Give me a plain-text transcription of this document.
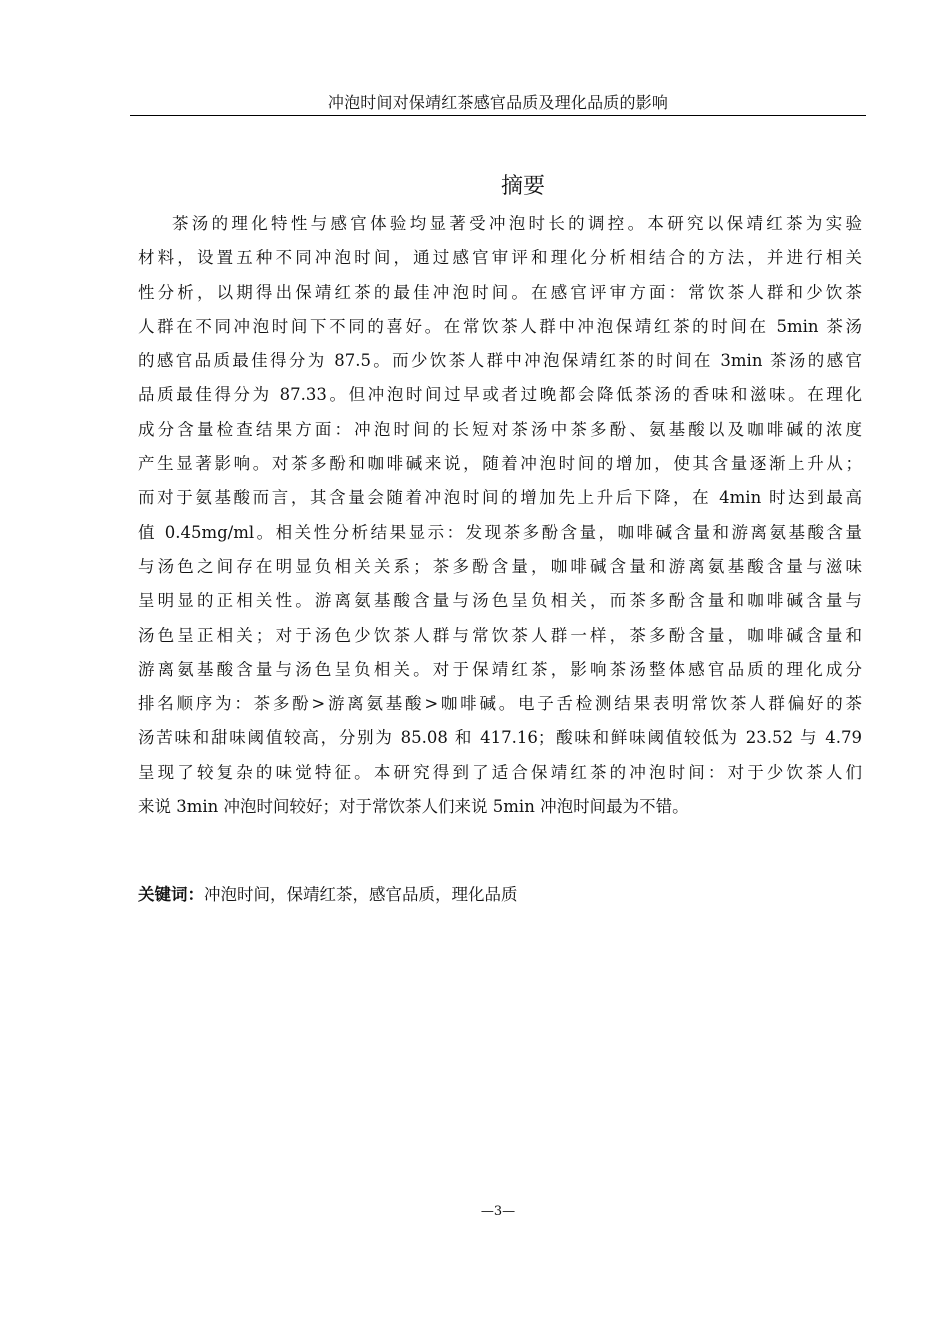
冲泡时间对保靖红茶感官品质及理化品质的影响
摘要
茶汤的理化特性与感官体验均显著受冲泡时长的调控。本研究以保靖红茶为实验
材料，设置五种不同冲泡时间，通过感官审评和理化分析相结合的方法，并进行相关
性分析，以期得出保靖红茶的最佳冲泡时间。在感官评审方面：常饮茶人群和少饮茶
人群在不同冲泡时间下不同的喜好。在常饮茶人群中冲泡保靖红茶的时间在 5min 茶汤
的感官品质最佳得分为 87.5。而少饮茶人群中冲泡保靖红茶的时间在 3min 茶汤的感官
品质最佳得分为 87.33。但冲泡时间过早或者过晚都会降低茶汤的香味和滋味。在理化
成分含量检查结果方面：冲泡时间的长短对茶汤中茶多酚、氨基酸以及咖啡碱的浓度
产生显著影响。对茶多酚和咖啡碱来说，随着冲泡时间的增加，使其含量逐渐上升从；
而对于氨基酸而言，其含量会随着冲泡时间的增加先上升后下降，在 4min 时达到最高
值 0.45mg/ml。相关性分析结果显示：发现茶多酚含量，咖啡碱含量和游离氨基酸含量
与汤色之间存在明显负相关关系；茶多酚含量，咖啡碱含量和游离氨基酸含量与滋味
呈明显的正相关性。游离氨基酸含量与汤色呈负相关，而茶多酚含量和咖啡碱含量与
汤色呈正相关；对于汤色少饮茶人群与常饮茶人群一样，茶多酚含量，咖啡碱含量和
游离氨基酸含量与汤色呈负相关。对于保靖红茶，影响茶汤整体感官品质的理化成分
排名顺序为：茶多酚>游离氨基酸>咖啡碱。电子舌检测结果表明常饮茶人群偏好的茶
汤苦味和甜味阈值较高，分别为 85.08 和 417.16；酸味和鲜味阈值较低为 23.52 与 4.79
呈现了较复杂的味觉特征。本研究得到了适合保靖红茶的冲泡时间：对于少饮茶人们
来说 3min 冲泡时间较好；对于常饮茶人们来说 5min 冲泡时间最为不错。
关键词：冲泡时间，保靖红茶，感官品质，理化品质
—3—
